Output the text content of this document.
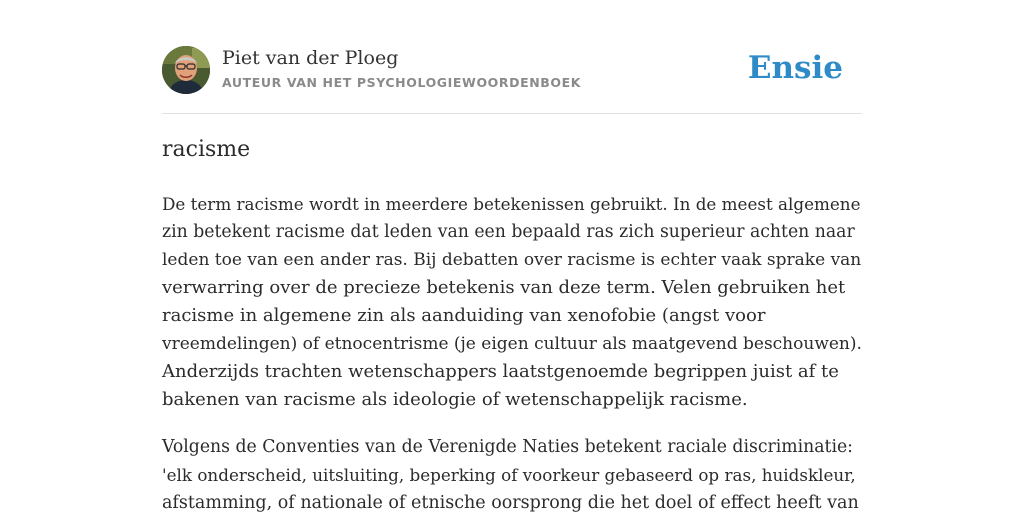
Piet van der Ploeg
AUTEUR VAN HET PSYCHOLOGIEWOORDENBOEK	Ensie
racisme

De term racisme wordt in meerdere betekenissen gebruikt. In de meest algemene
zin betekent racisme dat leden van een bepaald ras zich superieur achten naar
leden toe van een ander ras. Bij debatten over racisme is echter vaak sprake van
verwarring over de precieze betekenis van deze term. Velen gebruiken het
racisme in algemene zin als aanduiding van xenofobie (angst voor
vreemdelingen) of etnocentrisme (je eigen cultuur als maatgevend beschouwen).
Anderzijds trachten wetenschappers laatstgenoemde begrippen juist af te
bakenen van racisme als ideologie of wetenschappelijk racisme.

Volgens de Conventies van de Verenigde Naties betekent raciale discriminatie:
'elk onderscheid, uitsluiting, beperking of voorkeur gebaseerd op ras, huidskleur,
afstamming, of nationale of etnische oorsprong die het doel of effect heeft van
